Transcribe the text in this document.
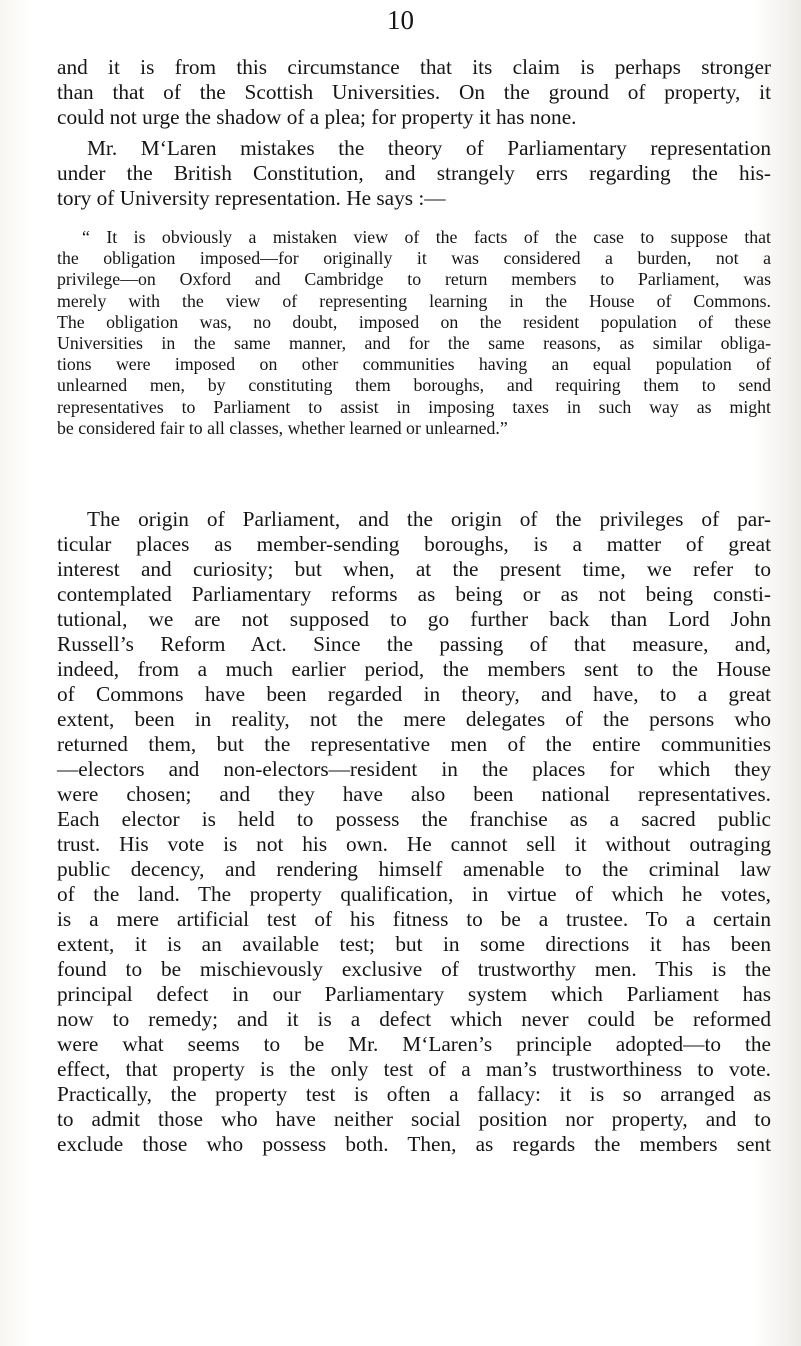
10
and it is from this circumstance that its claim is perhaps stronger
than that of the Scottish Universities. On the ground of property, it
could not urge the shadow of a plea; for property it has none.
Mr. M‘Laren mistakes the theory of Parliamentary representation
under the British Constitution, and strangely errs regarding the his-
tory of University representation. He says :—
“ It is obviously a mistaken view of the facts of the case to suppose that
the obligation imposed—for originally it was considered a burden, not a
privilege—on Oxford and Cambridge to return members to Parliament, was
merely with the view of representing learning in the House of Commons.
The obligation was, no doubt, imposed on the resident population of these
Universities in the same manner, and for the same reasons, as similar obliga-
tions were imposed on other communities having an equal population of
unlearned men, by constituting them boroughs, and requiring them to send
representatives to Parliament to assist in imposing taxes in such way as might
be considered fair to all classes, whether learned or unlearned.”
The origin of Parliament, and the origin of the privileges of par-
ticular places as member-sending boroughs, is a matter of great
interest and curiosity; but when, at the present time, we refer to
contemplated Parliamentary reforms as being or as not being consti-
tutional, we are not supposed to go further back than Lord John
Russell’s Reform Act. Since the passing of that measure, and,
indeed, from a much earlier period, the members sent to the House
of Commons have been regarded in theory, and have, to a great
extent, been in reality, not the mere delegates of the persons who
returned them, but the representative men of the entire communities
—electors and non-electors—resident in the places for which they
were chosen; and they have also been national representatives.
Each elector is held to possess the franchise as a sacred public
trust. His vote is not his own. He cannot sell it without outraging
public decency, and rendering himself amenable to the criminal law
of the land. The property qualification, in virtue of which he votes,
is a mere artificial test of his fitness to be a trustee. To a certain
extent, it is an available test; but in some directions it has been
found to be mischievously exclusive of trustworthy men. This is the
principal defect in our Parliamentary system which Parliament has
now to remedy; and it is a defect which never could be reformed
were what seems to be Mr. M‘Laren’s principle adopted—to the
effect, that property is the only test of a man’s trustworthiness to vote.
Practically, the property test is often a fallacy: it is so arranged as
to admit those who have neither social position nor property, and to
exclude those who possess both. Then, as regards the members sent
